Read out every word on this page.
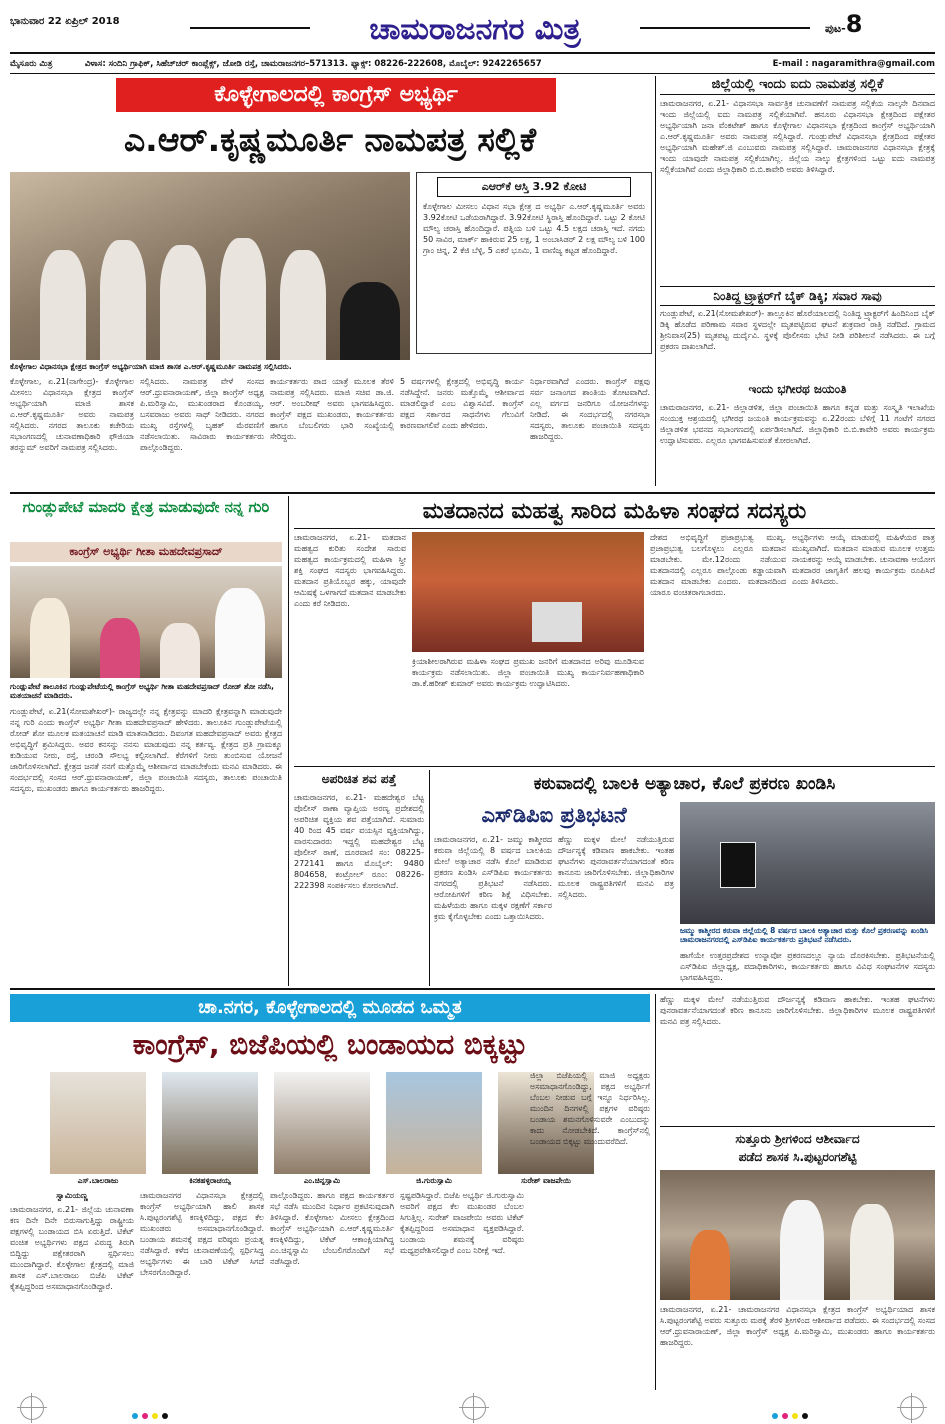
ಭಾನುವಾರ 22 ಏಪ್ರಿಲ್ 2018	ಚಾಮರಾಜನಗರ ಮಿತ್ರ	ಪುಟ-8
ಮೈಸೂರು ಮಿತ್ರ	ವಿಳಾಸ: ಸಂದಿನಿ ಗ್ರಾಫಿಕ್, ಸಿಹೆಚ್‌ಚರ್ ಕಾಂಪ್ಲೆಕ್ಸ್, ಜೋಡಿ ರಸ್ತೆ, ಚಾಮರಾಜನಗರ–571313. ಫ್ಯಾಕ್ಸ್: 08226-222608, ಮೊಬೈಲ್: 9242265657	E-mail : nagaramithra@gmail.com
ಕೊಳ್ಳೇಗಾಲದಲ್ಲಿ ಕಾಂಗ್ರೆಸ್ ಅಭ್ಯರ್ಥಿ
ಎ.ಆರ್.ಕೃಷ್ಣಮೂರ್ತಿ ನಾಮಪತ್ರ ಸಲ್ಲಿಕೆ
ಕೊಳ್ಳೇಗಾಲ ವಿಧಾನಸಭಾ ಕ್ಷೇತ್ರದ ಕಾಂಗ್ರೆಸ್ ಅಭ್ಯರ್ಥಿಯಾಗಿ ಮಾಜಿ ಶಾಸಕ ಎ.ಆರ್.ಕೃಷ್ಣಮೂರ್ತಿ ನಾಮಪತ್ರ ಸಲ್ಲಿಸಿದರು.
ಎಆರ್‌ಕೆ ಆಸ್ತಿ 3.92 ಕೋಟಿ
ಕೊಳ್ಳೇಗಾಲ ಮೀಸಲು ವಿಧಾನ ಸಭಾ ಕ್ಷೇತ್ರ ದ ಅಭ್ಯರ್ಥಿ ಎ.ಆರ್.ಕೃಷ್ಣಮೂರ್ತಿ ಅವರು 3.92ಕೋಟಿ ಒಡೆಯರಾಗಿದ್ದಾರೆ. 3.92ಕೋಟಿ ಸ್ಥಿರಾಸ್ತಿ ಹೊಂದಿದ್ದಾರೆ. ಒಟ್ಟು 2 ಕೋಟಿ ಮೌಲ್ಯ ಚರಾಸ್ತಿ ಹೊಂದಿದ್ದಾರೆ. ಪತ್ನಿಯ ಬಳಿ ಒಟ್ಟು 4.5 ಲಕ್ಷದ ಚರಾಸ್ತಿ ಇದೆ. ನಗದು 50 ಸಾವಿರ, ಮಾರ್ಕ್ ಹಾಕಿರುವ 25 ಲಕ್ಷ, 1 ಅಂಬಾಸಿಡರ್ 2 ಲಕ್ಷ ಮೌಲ್ಯ ಬಳಿ 100 ಗ್ರಾಂ ಚಿನ್ನ, 2 ಕೆಜಿ ಬೆಳ್ಳಿ, 5 ಎಕರೆ ಭೂಮಿ, 1 ವಾಣಿಜ್ಯ ಕಟ್ಟಡ ಹೊಂದಿದ್ದಾರೆ.
ಕೊಳ್ಳೇಗಾಲ, ಏ.21(ನಾಗೇಂದ್ರ)- ಕೊಳ್ಳೇಗಾಲ ಮೀಸಲು ವಿಧಾನಸಭಾ ಕ್ಷೇತ್ರದ ಕಾಂಗ್ರೆಸ್ ಅಭ್ಯರ್ಥಿಯಾಗಿ ಮಾಜಿ ಶಾಸಕ ಎ.ಆರ್.ಕೃಷ್ಣಮೂರ್ತಿ ಅವರು ನಾಮಪತ್ರ ಸಲ್ಲಿಸಿದರು. ನಗರದ ತಾಲೂಕು ಕಚೇರಿಯ ಸಭಾಂಗಣದಲ್ಲಿ ಚುನಾವಣಾಧಿಕಾರಿ ಫೌಜಿಯಾ ತರನ್ನುಮ್ ಅವರಿಗೆ ನಾಮಪತ್ರ ಸಲ್ಲಿಸಿದರು.
ಸಲ್ಲಿಸಿದರು. ನಾಮಪತ್ರ ವೇಳೆ ಸಂಸದ ಆರ್.ಧ್ರುವನಾರಾಯಣ್, ಜಿಲ್ಲಾ ಕಾಂಗ್ರೆಸ್ ಅಧ್ಯಕ್ಷ ಪಿ.ಮರಿಸ್ವಾಮಿ, ಮುಖಂಡರಾದ ಕೊಂಡಯ್ಯ, ಬಸವರಾಜು ಅವರು ಸಾಥ್ ನೀಡಿದರು. ನಗರದ ಮುಖ್ಯ ರಸ್ತೆಗಳಲ್ಲಿ ಬೃಹತ್ ಮೆರವಣಿಗೆ ನಡೆಸಲಾಯಿತು. ಸಾವಿರಾರು ಕಾರ್ಯಕರ್ತರು ಪಾಲ್ಗೊಂಡಿದ್ದರು.
ಕಾರ್ಯಕರ್ತರು ಪಾದ ಯಾತ್ರೆ ಮೂಲಕ ತೆರಳಿ ನಾಮಪತ್ರ ಸಲ್ಲಿಸಿದರು. ಮಾಜಿ ಸಚಿವ ಡಾ.ಜಿ. ಆರ್. ಅಂಬರೀಷ್ ಅವರು ಭಾಗವಹಿಸಿದ್ದರು. ಕಾಂಗ್ರೆಸ್ ಪಕ್ಷದ ಮುಖಂಡರು, ಕಾರ್ಯಕರ್ತರು ಹಾಗೂ ಬೆಂಬಲಿಗರು ಭಾರಿ ಸಂಖ್ಯೆಯಲ್ಲಿ ಸೇರಿದ್ದರು.
5 ವರ್ಷಗಳಲ್ಲಿ ಕ್ಷೇತ್ರದಲ್ಲಿ ಅಭಿವೃದ್ಧಿ ಕಾರ್ಯ ನಡೆಸಿದ್ದೇನೆ. ಜನರು ಮತ್ತೊಮ್ಮೆ ಆಶೀರ್ವಾದ ಮಾಡಲಿದ್ದಾರೆ ಎಂಬ ವಿಶ್ವಾಸವಿದೆ. ಕಾಂಗ್ರೆಸ್ ಪಕ್ಷದ ಸರ್ಕಾರದ ಸಾಧನೆಗಳು ಗೆಲುವಿಗೆ ಕಾರಣವಾಗಲಿವೆ ಎಂದು ಹೇಳಿದರು.
ನಿರ್ಧಾರವಾಗಿದೆ ಎಂದರು. ಕಾಂಗ್ರೆಸ್ ಪಕ್ಷವು ಸರ್ವ ಜನಾಂಗದ ಶಾಂತಿಯ ತೋಟವಾಗಿದೆ. ಎಲ್ಲ ವರ್ಗದ ಜನರಿಗೂ ಯೋಜನೆಗಳನ್ನು ನೀಡಿದೆ. ಈ ಸಂದರ್ಭದಲ್ಲಿ ನಗರಸಭಾ ಸದಸ್ಯರು, ತಾಲೂಕು ಪಂಚಾಯಿತಿ ಸದಸ್ಯರು ಹಾಜರಿದ್ದರು.
ಜಿಲ್ಲೆಯಲ್ಲಿ ಇಂದು ಐದು ನಾಮಪತ್ರ ಸಲ್ಲಿಕೆ
ಚಾಮರಾಜನಗರ, ಏ.21- ವಿಧಾನಸಭಾ ಸಾರ್ವತ್ರಿಕ ಚುನಾವಣೆಗೆ ನಾಮಪತ್ರ ಸಲ್ಲಿಕೆಯ ನಾಲ್ಕನೇ ದಿನವಾದ ಇಂದು ಜಿಲ್ಲೆಯಲ್ಲಿ ಐದು ನಾಮಪತ್ರ ಸಲ್ಲಿಕೆಯಾಗಿವೆ. ಹನೂರು ವಿಧಾನಸಭಾ ಕ್ಷೇತ್ರದಿಂದ ಪಕ್ಷೇತರ ಅಭ್ಯರ್ಥಿಯಾಗಿ ಜನಾ ವೆಂಕಟೇಶ್ ಹಾಗೂ ಕೊಳ್ಳೇಗಾಲ ವಿಧಾನಸಭಾ ಕ್ಷೇತ್ರದಿಂದ ಕಾಂಗ್ರೆಸ್ ಅಭ್ಯರ್ಥಿಯಾಗಿ ಎ.ಆರ್.ಕೃಷ್ಣಮೂರ್ತಿ ಅವರು ನಾಮಪತ್ರ ಸಲ್ಲಿಸಿದ್ದಾರೆ. ಗುಂಡ್ಲುಪೇಟೆ ವಿಧಾನಸಭಾ ಕ್ಷೇತ್ರದಿಂದ ಪಕ್ಷೇತರ ಅಭ್ಯರ್ಥಿಯಾಗಿ ಮಹೇಶ್.ಜಿ ಎಂಬುವರು ನಾಮಪತ್ರ ಸಲ್ಲಿಸಿದ್ದಾರೆ. ಚಾಮರಾಜನಗರ ವಿಧಾನಸಭಾ ಕ್ಷೇತ್ರಕ್ಕೆ ಇಂದು ಯಾವುದೇ ನಾಮಪತ್ರ ಸಲ್ಲಿಕೆಯಾಗಿಲ್ಲ. ಜಿಲ್ಲೆಯ ನಾಲ್ಕು ಕ್ಷೇತ್ರಗಳಿಂದ ಒಟ್ಟು ಐದು ನಾಮಪತ್ರ ಸಲ್ಲಿಕೆಯಾಗಿವೆ ಎಂದು ಜಿಲ್ಲಾಧಿಕಾರಿ ಬಿ.ಬಿ.ಕಾವೇರಿ ಅವರು ತಿಳಿಸಿದ್ದಾರೆ.
ನಿಂತಿದ್ದ ಟ್ರ್ಯಾಕ್ಟರ್‌ಗೆ ಬೈಕ್ ಡಿಕ್ಕಿ; ಸವಾರ ಸಾವು
ಗುಂಡ್ಲುಪೇಟೆ, ಏ.21(ಸೋಮಶೇಖರ್)- ತಾಲ್ಲೂಕಿನ ಹೊರೆಯಾಲದಲ್ಲಿ ನಿಂತಿದ್ದ ಟ್ರ್ಯಾಕ್ಟರ್‌ಗೆ ಹಿಂದಿನಿಂದ ಬೈಕ್ ಡಿಕ್ಕಿ ಹೊಡೆದ ಪರಿಣಾಮ ಸವಾರ ಸ್ಥಳದಲ್ಲೇ ಮೃತಪಟ್ಟಿರುವ ಘಟನೆ ಶುಕ್ರವಾರ ರಾತ್ರಿ ನಡೆದಿದೆ. ಗ್ರಾಮದ ಶ್ರೀನಿವಾಸ(25) ಮೃತಪಟ್ಟ ದುರ್ದೈವಿ. ಸ್ಥಳಕ್ಕೆ ಪೊಲೀಸರು ಭೇಟಿ ನೀಡಿ ಪರಿಶೀಲನೆ ನಡೆಸಿದರು. ಈ ಬಗ್ಗೆ ಪ್ರಕರಣ ದಾಖಲಾಗಿದೆ.
ಇಂದು ಭಗೀರಥ ಜಯಂತಿ
ಚಾಮರಾಜನಗರ, ಏ.21- ಜಿಲ್ಲಾಡಳಿತ, ಜಿಲ್ಲಾ ಪಂಚಾಯಿತಿ ಹಾಗೂ ಕನ್ನಡ ಮತ್ತು ಸಂಸ್ಕೃತಿ ಇಲಾಖೆಯ ಸಂಯುಕ್ತ ಆಶ್ರಯದಲ್ಲಿ ಭಗೀರಥ ಜಯಂತಿ ಕಾರ್ಯಕ್ರಮವನ್ನು ಏ.22ರಂದು ಬೆಳಿಗ್ಗೆ 11 ಗಂಟೆಗೆ ನಗರದ ಜಿಲ್ಲಾಡಳಿತ ಭವನದ ಸಭಾಂಗಣದಲ್ಲಿ ಏರ್ಪಡಿಸಲಾಗಿದೆ. ಜಿಲ್ಲಾಧಿಕಾರಿ ಬಿ.ಬಿ.ಕಾವೇರಿ ಅವರು ಕಾರ್ಯಕ್ರಮ ಉದ್ಘಾಟಿಸುವರು. ಎಲ್ಲರೂ ಭಾಗವಹಿಸುವಂತೆ ಕೋರಲಾಗಿದೆ.
ಗುಂಡ್ಲುಪೇಟೆ ಮಾದರಿ ಕ್ಷೇತ್ರ ಮಾಡುವುದೇ ನನ್ನ ಗುರಿ
ಕಾಂಗ್ರೆಸ್ ಅಭ್ಯರ್ಥಿ ಗೀತಾ ಮಹದೇವಪ್ರಸಾದ್
ಗುಂಡ್ಲುಪೇಟೆ ತಾಲೂಕಿನ ಗುಂಡ್ಲುಪೇಟೆಯಲ್ಲಿ ಕಾಂಗ್ರೆಸ್ ಅಭ್ಯರ್ಥಿ ಗೀತಾ ಮಹದೇವಪ್ರಸಾದ್ ರೋಡ್ ಶೋ ನಡೆಸಿ, ಮತಯಾಚನೆ ಮಾಡಿದರು.
ಗುಂಡ್ಲುಪೇಟೆ, ಏ.21(ಸೋಮಶೇಖರ್)- ರಾಜ್ಯದಲ್ಲೇ ನನ್ನ ಕ್ಷೇತ್ರವನ್ನು ಮಾದರಿ ಕ್ಷೇತ್ರವನ್ನಾಗಿ ಮಾಡುವುದೇ ನನ್ನ ಗುರಿ ಎಂದು ಕಾಂಗ್ರೆಸ್ ಅಭ್ಯರ್ಥಿ ಗೀತಾ ಮಹದೇವಪ್ರಸಾದ್ ಹೇಳಿದರು. ತಾಲೂಕಿನ ಗುಂಡ್ಲುಪೇಟೆಯಲ್ಲಿ ರೋಡ್ ಶೋ ಮೂಲಕ ಮತಯಾಚನೆ ಮಾಡಿ ಮಾತನಾಡಿದರು. ದಿವಂಗತ ಮಹದೇವಪ್ರಸಾದ್ ಅವರು ಕ್ಷೇತ್ರದ ಅಭಿವೃದ್ಧಿಗೆ ಶ್ರಮಿಸಿದ್ದರು. ಅವರ ಕನಸನ್ನು ನನಸು ಮಾಡುವುದು ನನ್ನ ಕರ್ತವ್ಯ. ಕ್ಷೇತ್ರದ ಪ್ರತಿ ಗ್ರಾಮಕ್ಕೂ ಕುಡಿಯುವ ನೀರು, ರಸ್ತೆ, ಚರಂಡಿ ಸೌಲಭ್ಯ ಕಲ್ಪಿಸಲಾಗಿದೆ. ಕೆರೆಗಳಿಗೆ ನೀರು ತುಂಬಿಸುವ ಯೋಜನೆ ಜಾರಿಗೊಳಿಸಲಾಗಿದೆ. ಕ್ಷೇತ್ರದ ಜನತೆ ನನಗೆ ಮತ್ತೊಮ್ಮೆ ಆಶೀರ್ವಾದ ಮಾಡಬೇಕೆಂದು ಮನವಿ ಮಾಡಿದರು. ಈ ಸಂದರ್ಭದಲ್ಲಿ ಸಂಸದ ಆರ್.ಧ್ರುವನಾರಾಯಣ್, ಜಿಲ್ಲಾ ಪಂಚಾಯಿತಿ ಸದಸ್ಯರು, ತಾಲೂಕು ಪಂಚಾಯಿತಿ ಸದಸ್ಯರು, ಮುಖಂಡರು ಹಾಗೂ ಕಾರ್ಯಕರ್ತರು ಹಾಜರಿದ್ದರು.
ಮತದಾನದ ಮಹತ್ವ ಸಾರಿದ ಮಹಿಳಾ ಸಂಘದ ಸದಸ್ಯರು
ಚಾಮರಾಜನಗರ, ಏ.21- ಮತದಾನ ಮಹತ್ವದ ಕುರಿತು ಸಂದೇಶ ಸಾರುವ ಮಹತ್ವದ ಕಾರ್ಯಕ್ರಮದಲ್ಲಿ ಮಹಿಳಾ ಸ್ತ್ರೀ ಶಕ್ತಿ ಸಂಘದ ಸದಸ್ಯರು ಭಾಗವಹಿಸಿದ್ದರು. ಮತದಾನ ಪ್ರತಿಯೊಬ್ಬರ ಹಕ್ಕು, ಯಾವುದೇ ಆಮಿಷಕ್ಕೆ ಒಳಗಾಗದೆ ಮತದಾನ ಮಾಡಬೇಕು ಎಂದು ಕರೆ ನೀಡಿದರು.
ಕ್ರಿಯಾಶೀಲರಾಗಿರುವ ಮಹಿಳಾ ಸಂಘದ ಪ್ರಮುಖ ಜನರಿಗೆ ಮತದಾನದ ಅರಿವು ಮೂಡಿಸುವ ಕಾರ್ಯಕ್ರಮ ನಡೆಸಲಾಯಿತು. ಜಿಲ್ಲಾ ಪಂಚಾಯಿತಿ ಮುಖ್ಯ ಕಾರ್ಯನಿರ್ವಹಣಾಧಿಕಾರಿ ಡಾ.ಕೆ.ಹರೀಶ್ ಕುಮಾರ್ ಅವರು ಕಾರ್ಯಕ್ರಮ ಉದ್ಘಾಟಿಸಿದರು.
ದೇಶದ ಅಭಿವೃದ್ಧಿಗೆ ಪ್ರಜಾಪ್ರಭುತ್ವ ಮುಖ್ಯ. ಪ್ರಜಾಪ್ರಭುತ್ವ ಬಲಗೊಳ್ಳಲು ಎಲ್ಲರೂ ಮತದಾನ ಮಾಡಬೇಕು. ಮೇ.12ರಂದು ನಡೆಯುವ ಮತದಾನದಲ್ಲಿ ಎಲ್ಲರೂ ಪಾಲ್ಗೊಂಡು ಕಡ್ಡಾಯವಾಗಿ ಮತದಾನ ಮಾಡಬೇಕು ಎಂದರು. ಮತದಾನದಿಂದ ಯಾರೂ ವಂಚಿತರಾಗಬಾರದು.
ಅಭ್ಯರ್ಥಿಗಳು ಆಯ್ಕೆ ಮಾಡುವಲ್ಲಿ ಮಹಿಳೆಯರ ಪಾತ್ರ ಮುಖ್ಯವಾಗಿದೆ. ಮತದಾನ ಮಾಡುವ ಮೂಲಕ ಉತ್ತಮ ನಾಯಕರನ್ನು ಆಯ್ಕೆ ಮಾಡಬೇಕು. ಚುನಾವಣಾ ಆಯೋಗ ಮತದಾರರ ಜಾಗೃತಿಗೆ ಹಲವು ಕಾರ್ಯಕ್ರಮ ರೂಪಿಸಿದೆ ಎಂದು ತಿಳಿಸಿದರು.
ಅಪರಿಚಿತ ಶವ ಪತ್ತೆ
ಚಾಮರಾಜನಗರ, ಏ.21- ಮಹದೇಶ್ವರ ಬೆಟ್ಟ ಪೊಲೀಸ್ ಠಾಣಾ ವ್ಯಾಪ್ತಿಯ ಅರಣ್ಯ ಪ್ರದೇಶದಲ್ಲಿ ಅಪರಿಚಿತ ವ್ಯಕ್ತಿಯ ಶವ ಪತ್ತೆಯಾಗಿದೆ. ಸುಮಾರು 40 ರಿಂದ 45 ವರ್ಷ ವಯಸ್ಸಿನ ವ್ಯಕ್ತಿಯಾಗಿದ್ದು, ವಾರಸುದಾರರು ಇದ್ದಲ್ಲಿ ಮಹದೇಶ್ವರ ಬೆಟ್ಟ ಪೊಲೀಸ್ ಠಾಣೆ, ದೂರವಾಣಿ ಸಂ: 08225-272141 ಹಾಗೂ ಮೊಬೈಲ್: 9480 804658, ಕಂಟ್ರೋಲ್ ರೂಂ: 08226-222398 ಸಂಪರ್ಕಿಸಲು ಕೋರಲಾಗಿದೆ.
ಕಠುವಾದಲ್ಲಿ ಬಾಲಕಿ ಅತ್ಯಾಚಾರ, ಕೊಲೆ ಪ್ರಕರಣ ಖಂಡಿಸಿ
ಎಸ್‌ಡಿಪಿಐ ಪ್ರತಿಭಟನೆ
ಚಾಮರಾಜನಗರ, ಏ.21- ಜಮ್ಮು ಕಾಶ್ಮೀರದ ಕಠುವಾ ಜಿಲ್ಲೆಯಲ್ಲಿ 8 ವರ್ಷದ ಬಾಲಕಿಯ ಮೇಲೆ ಅತ್ಯಾಚಾರ ನಡೆಸಿ ಕೊಲೆ ಮಾಡಿರುವ ಪ್ರಕರಣ ಖಂಡಿಸಿ ಎಸ್‌ಡಿಪಿಐ ಕಾರ್ಯಕರ್ತರು ನಗರದಲ್ಲಿ ಪ್ರತಿಭಟನೆ ನಡೆಸಿದರು. ಆರೋಪಿಗಳಿಗೆ ಕಠಿಣ ಶಿಕ್ಷೆ ವಿಧಿಸಬೇಕು. ಮಹಿಳೆಯರು ಹಾಗೂ ಮಕ್ಕಳ ರಕ್ಷಣೆಗೆ ಸರ್ಕಾರ ಕ್ರಮ ಕೈಗೊಳ್ಳಬೇಕು ಎಂದು ಒತ್ತಾಯಿಸಿದರು.
ಹೆಣ್ಣು ಮಕ್ಕಳ ಮೇಲೆ ನಡೆಯುತ್ತಿರುವ ದೌರ್ಜನ್ಯಕ್ಕೆ ಕಡಿವಾಣ ಹಾಕಬೇಕು. ಇಂತಹ ಘಟನೆಗಳು ಪುನರಾವರ್ತನೆಯಾಗದಂತೆ ಕಠಿಣ ಕಾನೂನು ಜಾರಿಗೊಳಿಸಬೇಕು. ಜಿಲ್ಲಾಧಿಕಾರಿಗಳ ಮೂಲಕ ರಾಷ್ಟ್ರಪತಿಗಳಿಗೆ ಮನವಿ ಪತ್ರ ಸಲ್ಲಿಸಿದರು.
ಜಮ್ಮು ಕಾಶ್ಮೀರದ ಕಠುವಾ ಜಿಲ್ಲೆಯಲ್ಲಿ 8 ವರ್ಷದ ಬಾಲಕಿ ಅತ್ಯಾಚಾರ ಮತ್ತು ಕೊಲೆ ಪ್ರಕರಣವನ್ನು ಖಂಡಿಸಿ ಚಾಮರಾಜನಗರದಲ್ಲಿ ಎಸ್‌ಡಿಪಿಐ ಕಾರ್ಯಕರ್ತರು ಪ್ರತಿಭಟನೆ ನಡೆಸಿದರು.
ಹಾಗೆಯೇ ಉತ್ತರಪ್ರದೇಶದ ಉನ್ನಾವೋ ಪ್ರಕರಣದಲ್ಲೂ ನ್ಯಾಯ ದೊರಕಿಸಬೇಕು. ಪ್ರತಿಭಟನೆಯಲ್ಲಿ ಎಸ್‌ಡಿಪಿಐ ಜಿಲ್ಲಾಧ್ಯಕ್ಷ, ಪದಾಧಿಕಾರಿಗಳು, ಕಾರ್ಯಕರ್ತರು ಹಾಗೂ ವಿವಿಧ ಸಂಘಟನೆಗಳ ಸದಸ್ಯರು ಭಾಗವಹಿಸಿದ್ದರು.
ಚಾ.ನಗರ, ಕೊಳ್ಳೇಗಾಲದಲ್ಲಿ ಮೂಡದ ಒಮ್ಮತ
ಕಾಂಗ್ರೆಸ್, ಬಿಜೆಪಿಯಲ್ಲಿ ಬಂಡಾಯದ ಬಿಕ್ಕಟ್ಟು
ಎಸ್.ಬಾಲರಾಜು	ಕಿನಕಹಳ್ಳಿರಾಚಯ್ಯ	ಎಂ.ಚಿನ್ನಸ್ವಾಮಿ	ಜಿ.ಗುರುಸ್ವಾಮಿ	ಸುರೇಶ್ ವಾಜಪೇಯಿ
ಸ್ವಾಮಿಯಣ್ಣ
ಚಾಮರಾಜನಗರ, ಏ.21- ಜಿಲ್ಲೆಯ ಚುನಾವಣಾ ಕಣ ದಿನೇ ದಿನೇ ಬಿರುಸಾಗುತ್ತಿದ್ದು ರಾಷ್ಟ್ರೀಯ ಪಕ್ಷಗಳಲ್ಲಿ ಬಂಡಾಯದ ಬಿಸಿ ಏರುತ್ತಿದೆ. ಟಿಕೆಟ್ ವಂಚಿತ ಅಭ್ಯರ್ಥಿಗಳು ಪಕ್ಷದ ವಿರುದ್ಧ ತಿರುಗಿ ಬಿದ್ದಿದ್ದು ಪಕ್ಷೇತರರಾಗಿ ಸ್ಪರ್ಧಿಸಲು ಮುಂದಾಗಿದ್ದಾರೆ. ಕೊಳ್ಳೇಗಾಲ ಕ್ಷೇತ್ರದಲ್ಲಿ ಮಾಜಿ ಶಾಸಕ ಎಸ್.ಬಾಲರಾಜು ಬಿಜೆಪಿ ಟಿಕೆಟ್ ಕೈತಪ್ಪಿದ್ದರಿಂದ ಅಸಮಾಧಾನಗೊಂಡಿದ್ದಾರೆ.
ಚಾಮರಾಜನಗರ ವಿಧಾನಸಭಾ ಕ್ಷೇತ್ರದಲ್ಲಿ ಕಾಂಗ್ರೆಸ್ ಅಭ್ಯರ್ಥಿಯಾಗಿ ಹಾಲಿ ಶಾಸಕ ಸಿ.ಪುಟ್ಟರಂಗಶೆಟ್ಟಿ ಕಣಕ್ಕಿಳಿದಿದ್ದು, ಪಕ್ಷದ ಕೆಲ ಮುಖಂಡರು ಅಸಮಾಧಾನಗೊಂಡಿದ್ದಾರೆ. ಬಂಡಾಯ ಶಮನಕ್ಕೆ ಪಕ್ಷದ ವರಿಷ್ಠರು ಪ್ರಯತ್ನ ನಡೆಸಿದ್ದಾರೆ. ಕಳೆದ ಚುನಾವಣೆಯಲ್ಲಿ ಸ್ಪರ್ಧಿಸಿದ್ದ ಅಭ್ಯರ್ಥಿಗಳು ಈ ಬಾರಿ ಟಿಕೆಟ್ ಸಿಗದೆ ಬೇಸರಗೊಂಡಿದ್ದಾರೆ.
ಪಾಲ್ಗೊಂಡಿದ್ದರು. ಹಾಗೂ ಪಕ್ಷದ ಕಾರ್ಯಕರ್ತರ ಸಭೆ ನಡೆಸಿ ಮುಂದಿನ ನಿರ್ಧಾರ ಪ್ರಕಟಿಸುವುದಾಗಿ ತಿಳಿಸಿದ್ದಾರೆ. ಕೊಳ್ಳೇಗಾಲ ಮೀಸಲು ಕ್ಷೇತ್ರದಿಂದ ಕಾಂಗ್ರೆಸ್ ಅಭ್ಯರ್ಥಿಯಾಗಿ ಎ.ಆರ್.ಕೃಷ್ಣಮೂರ್ತಿ ಕಣಕ್ಕಿಳಿದಿದ್ದು, ಟಿಕೆಟ್ ಆಕಾಂಕ್ಷಿಯಾಗಿದ್ದ ಎಂ.ಚಿನ್ನಸ್ವಾಮಿ ಬೆಂಬಲಿಗರೊಂದಿಗೆ ಸಭೆ ನಡೆಸಿದ್ದಾರೆ.
ಸ್ಪಷ್ಟಪಡಿಸಿದ್ದಾರೆ. ಬಿಜೆಪಿ ಅಭ್ಯರ್ಥಿ ಜಿ.ಗುರುಸ್ವಾಮಿ ಅವರಿಗೆ ಪಕ್ಷದ ಕೆಲ ಮುಖಂಡರ ಬೆಂಬಲ ಸಿಗುತ್ತಿಲ್ಲ. ಸುರೇಶ್ ವಾಜಪೇಯಿ ಅವರು ಟಿಕೆಟ್ ಕೈತಪ್ಪಿದ್ದರಿಂದ ಅಸಮಾಧಾನ ವ್ಯಕ್ತಪಡಿಸಿದ್ದಾರೆ. ಬಂಡಾಯ ಶಮನಕ್ಕೆ ವರಿಷ್ಠರು ಮಧ್ಯಪ್ರವೇಶಿಸಲಿದ್ದಾರೆ ಎಂಬ ನಿರೀಕ್ಷೆ ಇದೆ.
ಜಿಲ್ಲಾ ಬಿಜೆಪಿಯಲ್ಲಿ ಮಾಜಿ ಅಧ್ಯಕ್ಷರು ಅಸಮಾಧಾನಗೊಂಡಿದ್ದು, ಪಕ್ಷದ ಅಭ್ಯರ್ಥಿಗೆ ಬೆಂಬಲ ನೀಡುವ ಬಗ್ಗೆ ಇನ್ನೂ ನಿರ್ಧರಿಸಿಲ್ಲ. ಮುಂದಿನ ದಿನಗಳಲ್ಲಿ ಪಕ್ಷಗಳ ವರಿಷ್ಠರು ಬಂಡಾಯ ಶಮನಗೊಳಿಸುವರೇ ಎಂಬುದನ್ನು ಕಾದು ನೋಡಬೇಕಿದೆ. ಕಾಂಗ್ರೆಸ್‌ನಲ್ಲಿ ಬಂಡಾಯದ ಬಿಕ್ಕಟ್ಟು ಮುಂದುವರೆದಿದೆ.
ಹೆಣ್ಣು ಮಕ್ಕಳ ಮೇಲೆ ನಡೆಯುತ್ತಿರುವ ದೌರ್ಜನ್ಯಕ್ಕೆ ಕಡಿವಾಣ ಹಾಕಬೇಕು. ಇಂತಹ ಘಟನೆಗಳು ಪುನರಾವರ್ತನೆಯಾಗದಂತೆ ಕಠಿಣ ಕಾನೂನು ಜಾರಿಗೊಳಿಸಬೇಕು. ಜಿಲ್ಲಾಧಿಕಾರಿಗಳ ಮೂಲಕ ರಾಷ್ಟ್ರಪತಿಗಳಿಗೆ ಮನವಿ ಪತ್ರ ಸಲ್ಲಿಸಿದರು.
ಸುತ್ತೂರು ಶ್ರೀಗಳಿಂದ ಆಶೀರ್ವಾದ
ಪಡೆದ ಶಾಸಕ ಸಿ.ಪುಟ್ಟರಂಗಶೆಟ್ಟಿ
ಚಾಮರಾಜನಗರ, ಏ.21- ಚಾಮರಾಜನಗರ ವಿಧಾನಸಭಾ ಕ್ಷೇತ್ರದ ಕಾಂಗ್ರೆಸ್ ಅಭ್ಯರ್ಥಿಯಾದ ಶಾಸಕ ಸಿ.ಪುಟ್ಟರಂಗಶೆಟ್ಟಿ ಅವರು ಸುತ್ತೂರು ಮಠಕ್ಕೆ ತೆರಳಿ ಶ್ರೀಗಳಿಂದ ಆಶೀರ್ವಾದ ಪಡೆದರು. ಈ ಸಂದರ್ಭದಲ್ಲಿ ಸಂಸದ ಆರ್.ಧ್ರುವನಾರಾಯಣ್, ಜಿಲ್ಲಾ ಕಾಂಗ್ರೆಸ್ ಅಧ್ಯಕ್ಷ ಪಿ.ಮರಿಸ್ವಾಮಿ, ಮುಖಂಡರು ಹಾಗೂ ಕಾರ್ಯಕರ್ತರು ಹಾಜರಿದ್ದರು.
